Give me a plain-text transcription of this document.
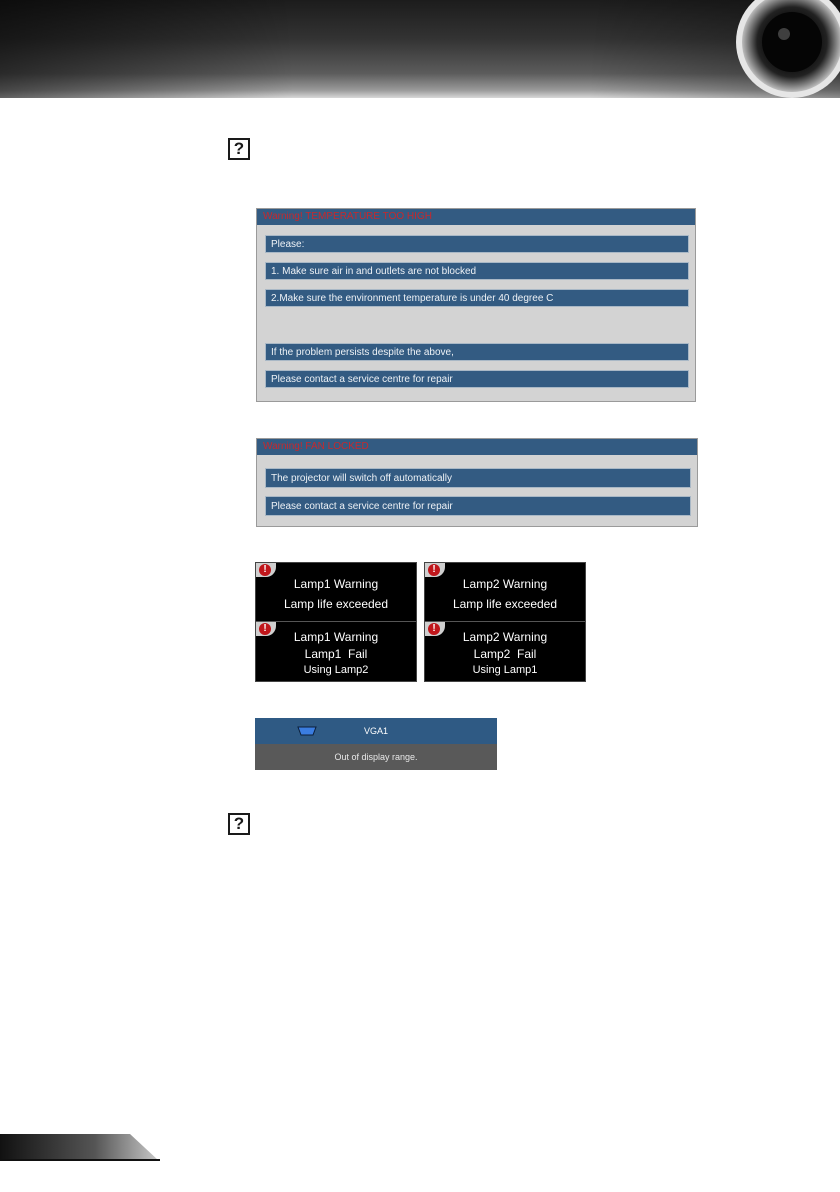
?
Warning! TEMPERATURE TOO HIGH
Please:
1. Make sure air in and outlets are not blocked
2.Make sure the environment temperature is under 40 degree C
If the problem persists despite the above,
Please contact a service centre for repair
Warning! FAN LOCKED
The projector will switch off automatically
Please contact a service centre for repair
!
Lamp1 Warning
Lamp life exceeded
!
Lamp1 Warning
Lamp1  Fail
Using Lamp2
!
Lamp2 Warning
Lamp life exceeded
!
Lamp2 Warning
Lamp2  Fail
Using Lamp1
VGA1
Out of display range.
?
